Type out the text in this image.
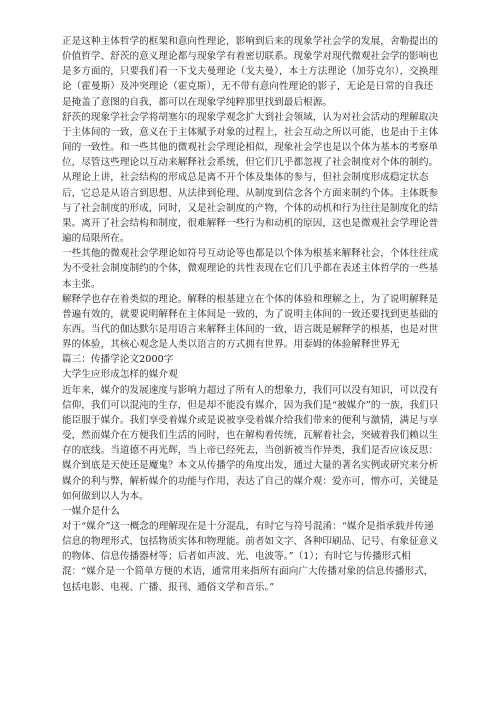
正是这种主体哲学的框架和意向性理论，影响到后来的现象学社会学的发展，舍勒提出的价值哲学、舒茨的意义理论都与现象学有着密切联系。现象学对现代微观社会学的影响也是多方面的，只要我们看一下戈夫曼理论（戈夫曼），本士方法理论（加芬克尔），交换理论（霍曼斯）及冲突理论（霍克斯），无不带有意向性理论的影子，无论是日常的自我还是掩盖了意图的自我，都可以在现象学纯粹那里找到最后根源。

舒茨的现象学社会学将胡塞尔的现象学观念扩大到社会领域，认为对社会活动的理解取决于主体间的一致，意义在于主体赋予对象的过程上，社会互动之所以可能，也是由于主体间的一致性。和一些其他的微观社会学理论相似，现象社会学也是以个体为基本的考察单位，尽管这些理论以互动来解释社会系统，但它们几乎都忽视了社会制度对个体的制约。从理论上讲，社会结构的形成总是离不开个体及集体的参与，但社会制度形成稳定状态后，它总是从语言到思想、从法律到伦理、从制度到信念各个方面来制约个体。主体既参与了社会制度的形成，同时，又是社会制度的产物，个体的动机和行为往往是制度化的结果。离开了社会结构和制度，很难解释一些行为和动机的原因，这也是微观社会学理论普遍的局限所在。

一些其他的微观社会学理论如符号互动论等也都是以个体为根基来解释社会，个体往往成为不受社会制度制约的个体，微观理论的共性表现在它们几乎都在表述主体哲学的一些基本主张。

解释学也存在着类似的理论。解释的根基建立在个体的体验和理解之上，为了说明解释是普遍有效的，就要说明解释在主体间是一致的，为了说明主体间的一致还要找到更基础的东西。当代的伽达默尔是用语言来解释主体间的一致，语言既是解释学的根基，也是对世界的体验，其核心观念是人类以语言的方式拥有世界。用泰姆的体验解释世界无

篇三：传播学论文2000字

大学生应形成怎样的媒介观

近年来，媒介的发展速度与影响力超过了所有人的想象力，我们可以没有知识，可以没有信仰，我们可以混沌的生存，但是却不能没有媒介，因为我们是“被媒介”的一族，我们只能臣服于媒介。我们享受着媒介或是说被享受着媒介给我们带来的便利与激情，满足与享受，然而媒介在方便我们生活的同时，也在解构着传统，瓦解着社会，突破着我们赖以生存的底线。当道德不再光辉，当上帝已经死去，当创新被当作异类，我们是否应该反思：媒介到底是天使还是魔鬼？本文从传播学的角度出发，通过大量的著名实例或研究来分析媒介的利与弊，解析媒介的功能与作用，表达了自己的媒介观：爱亦可，憎亦可，关键是如何做到以人为本。

一媒介是什么

对于“媒介”这一概念的理解现在是十分混乱，有时它与符号混淆：“媒介是指承载并传递信息的物理形式，包括物质实体和物理能。前者如文字、各种印刷品、记号、有象征意义的物体、信息传播器材等；后者如声波、光、电波等。”（1）；有时它与传播形式相混：“媒介是一个简单方便的术语，通常用来指所有面向广大传播对象的信息传播形式，包括电影、电视、广播、报刊、通俗文学和音乐。”
